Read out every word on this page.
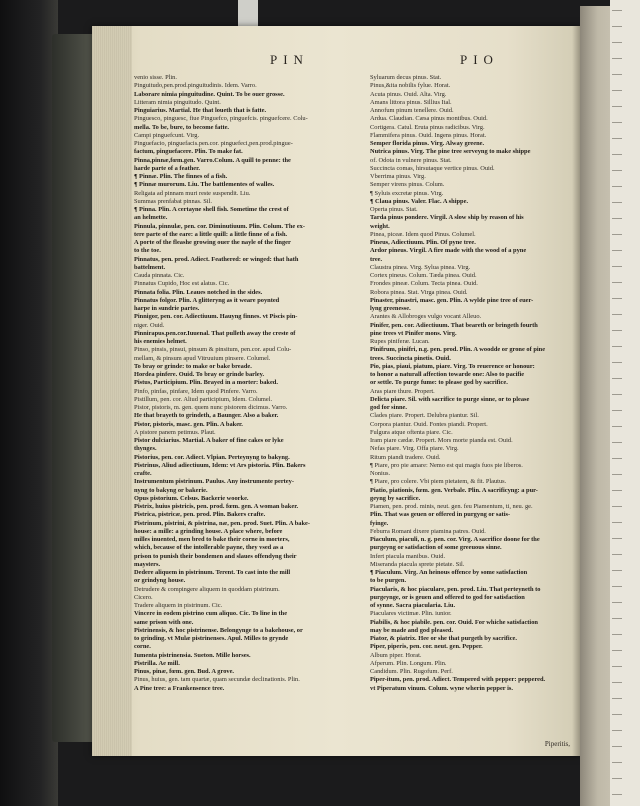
PIN	PIO
venio sisse. Plin.
Pinguitudo,pen.prod.pinguitudinis. Idem. Varro.
Laborare nimia pinguitudine. Quint. To be ouer grosse.
Litteram nimia pinguitudo. Quint.
Pinguiarius. Martial. He that loueth that is fatte.
Pinguesco, pinguesc, fiue Pinguefco, pinguefcis. pinguefcere. Colu-
mella. To be, bure, to become fatte.
Campi pinguefcunt. Virg.
Pinguefacio, pinguefacis.pen.cor. pinguefeci,pen.prod.pingue-
factum, pinguefacere. Plin. To make fat.
Pinna,pinnæ,fœm.gen. Varro.Colum. A quill to penne: the
harde parte of a feather.
¶ Pinnæ. Plin. The finnes of a fish.
¶ Pinnæ murorum. Liu. The battlementes of walles.
Religata ad pinnam muri reste suspendit. Liu.
Summas prenfabat pinnas. Sil.
¶ Pinna. Plin. A certayne shell fish. Sometime the crest of
an helmette.
Pinnula, pinnulæ, pen. cor. Diminutiuum. Plin. Colum. The ex-
tere parte of the eare: a little quill: a little finne of a fish.
A porte of the fleashe growing ouer the nayle of the finger
to the toe.
Pinnatus, pen. prod. Adiect. Feathered: or winged: that hath
battelment.
Cauda pinnata. Cic.
Pinnatus Cupido, Hoc est alatus. Cic.
Pinnata folia. Plin. Leaues notched in the sides.
Pinnatus folgor. Plin. A glitteryng as it weare poynted
harpe in sundrie partes.
Pinnigor, pen. cor. Adiectiuum. Hauyng finnes. vt Piscis pin-
niger. Ouid.
Pinnirapus.pen.cor.Iuuenal. That pulleth away the creste of
his enemies helmet.
Pinso, pinsis, pinsui, pinsum & pinsitum, pen.cor. apud Colu-
mellam, & pinsum apud Vitruuium pinsere. Columel.
To bray or grinde: to make or bake breade.
Hordea pinfere. Ouid. To bray or grinde barley.
Pistus, Participium. Plin. Brayed in a morter: baked.
Pinfo, pinfas, pinfare, Idem quod Pinfere. Varro.
Pistillum, pen. cor. Aliud participium, Idem. Columel.
Pistor, pistoris, m. gen. quem nunc pistorem dicimus. Varro.
He that brayeth to grindeth, a Baunger. Also a baker.
Pistor, pistoris, masc. gen. Plin. A baker.
A pistore panem petimus. Plaut.
Pistor dulciarius. Martial. A baker of fine cakes or lyke
thynges.
Pistorius, pen. cor. Adiect. Vlpian. Perteynyng to bakyng.
Pistrinus, Aliud adiectiuum, Idem: vt Ars pistoria. Plin. Bakers
crafte.
Instrumentum pistrinum. Paulus. Any instrumente pertey-
nyng to bakyng or bakerie.
Opus pistorium. Celsus. Backerie woorke.
Pistrix, huius pistricis, pen. prod. fœm. gen. A woman baker.
Pistrica, pistricæ, pen. prod. Plin. Bakers crafte.
Pistrinum, pistrini, & pistrina, næ, pen. prod. Suet. Plin. A bake-
house: a mille: a grinding house. A place where, before
milles inuented, men bred to bake their corne in morters,
which, because of the intollerable payne, they vsed as a
prison to punish their bondemen and slaues offendyng their
maysters.
Dedere aliquem in pistrinum. Terent. To cast into the mill
or grindyng house.
Detrudere & compingere aliquem in quoddam pistrinum.
Cicero.
Tradere aliquem in pistrinum. Cic.
Vincere in eodem pistrino cum aliquo. Cic. To line in the
same prison with one.
Pistrinensis, & hoc pistrinense. Belongynge to a bakehouse, or
to grinding. vt Mulæ pistrinenses. Apul. Milles to grynde
corne.
Iumenta pistrinensia. Sueton. Mille horses.
Pistrilla. Ae mill.
Pinus, pinæ, fœm. gen. Bud. A grove.
Pinus, huius, gen. tam quartæ, quam secundæ declinationis. Plin.
A Pine tree: a Frankensence tree.
Syluarum decus pinus. Stat.
Pinus,&ita nobilis fylue. Horat.
Acuta pinus. Ouid. Alta. Virg.
Amans littora pinus. Sillius Ital.
Annofum pinum tenellere. Ouid.
Ardua. Claudian. Cæsa pinus montibus. Ouid.
Cortigera. Catul. Eruta pinus radicibus. Virg.
Flammifera pinus. Ouid. Ingens pinus. Horat.
Semper florida pinus. Virg. Alway greene.
Nutrica pinus. Virg. The pine tree serveyng to make shippe
of. Odota in vulnere pinus. Stat.
Succincta comas, hirsutaque vertice pinus. Ouid.
Vberrima pinus. Virg.
Semper virens pinus. Colum.
¶ Syluis excretæ pinus. Virg.
¶ Claua pinus. Valer. Flac. A shippe.
Operta pinus. Stat.
Tarda pinus pondere. Virgil. A slow ship by reason of his
weight.
Pinea, piceæ. Idem quod Pinus. Columel.
Pineus, Adiectiuum. Plin. Of pyne tree.
Ardor pineus. Virgil. A fire made with the wood of a pyne
tree.
Claustra pinea. Virg. Sylua pinea. Virg.
Cortex pineus. Colum. Tæda pinea. Ouid.
Frondes pineæ. Colum. Tecta pinea. Ouid.
Robora pinea. Stat. Virga pinea. Ouid.
Pinaster, pinastri, masc. gen. Plin. A wylde pine tree of euer-
lyng greenesse.
Arantes & Allobroges vulgo vocant Alleuo.
Pinifer, pen. cor. Adiectiuum. That beareth or bringeth fourth
pine trees vt Pinifer mons. Virg.
Rupes piniferæ. Lucan.
Pinifrum, pinifri, n.g. pen. prod. Plin. A woodde or grone of pine
trees. Succincta pinetis. Ouid.
Pio, pias, piaui, piatum, piare. Virg. To reuerence or honour:
to honor a naturall affection towarde one: Also to pacifie
or settle. To purge fume: to please god by sacrifice.
Aras piare thure. Propert.
Delicta piare. Sil. with sacrifice to purge sinne, or to please
god for sinne.
Clades piare. Propert. Delubra piantur. Sil.
Corpora piantur. Ouid. Fontes piandi. Propert.
Fulgura atque oftenta piare. Cic.
Iram piare cædæ. Propert. Mors morte pianda est. Ouid.
Nefas piare. Virg. Offa piare. Virg.
Ritum piandi tradere. Ouid.
¶ Piare, pro pie amare: Nemo est qui magis fuos pie liberos.
Nonius.
¶ Piare, pro colere. Vbi piem pietatem, & fit. Plautus.
Piatio, piationis, fœm. gen. Verbale. Plin. A sacrificyng: a pur-
geyng by sacrifice.
Piamen, pen. prod. minis, neut. gen. feu Piamentum, ti, neu. ge.
Plin. That was geuen or offered in purgyng or satis-
fyinge.
Feburra Romani dixere piamina patres. Ouid.
Piaculum, piaculi, n. g. pen. cor. Virg. A sacrifice doone for the
purgeyng or satisfaction of some greeuous sinne.
Infert piacula manibus. Ouid.
Miseranda piacula sprete pietate. Sil.
¶ Piaculum. Virg. An heinous offence by some satisfaction
to be purgen.
Piacularis, & hoc piaculare, pen. prod. Liu. That perteyneth to
purgeynge, or is geuen and offered to god for satisfaction
of synne. Sacra piacularia. Liu.
Piaculares victimæ. Plin. iunior.
Piabilis, & hoc piabile. pen. cor. Ouid. For whiche satisfaction
may be made and god pleased.
Piator, & piatrix. Hee or she that purgeth by sacrifice.
Piper, piperis, pen. cor. neut. gen. Pepper.
Album piper. Horat.
Afperum. Plin. Longum. Plin.
Candidum. Plin. Rugofum. Perf.
Piper-itum, pen. prod. Adiect. Tempered with pepper: peppered.
vt Piperatum vinum. Colum. wyne wherin pepper is.
Piperitis,
